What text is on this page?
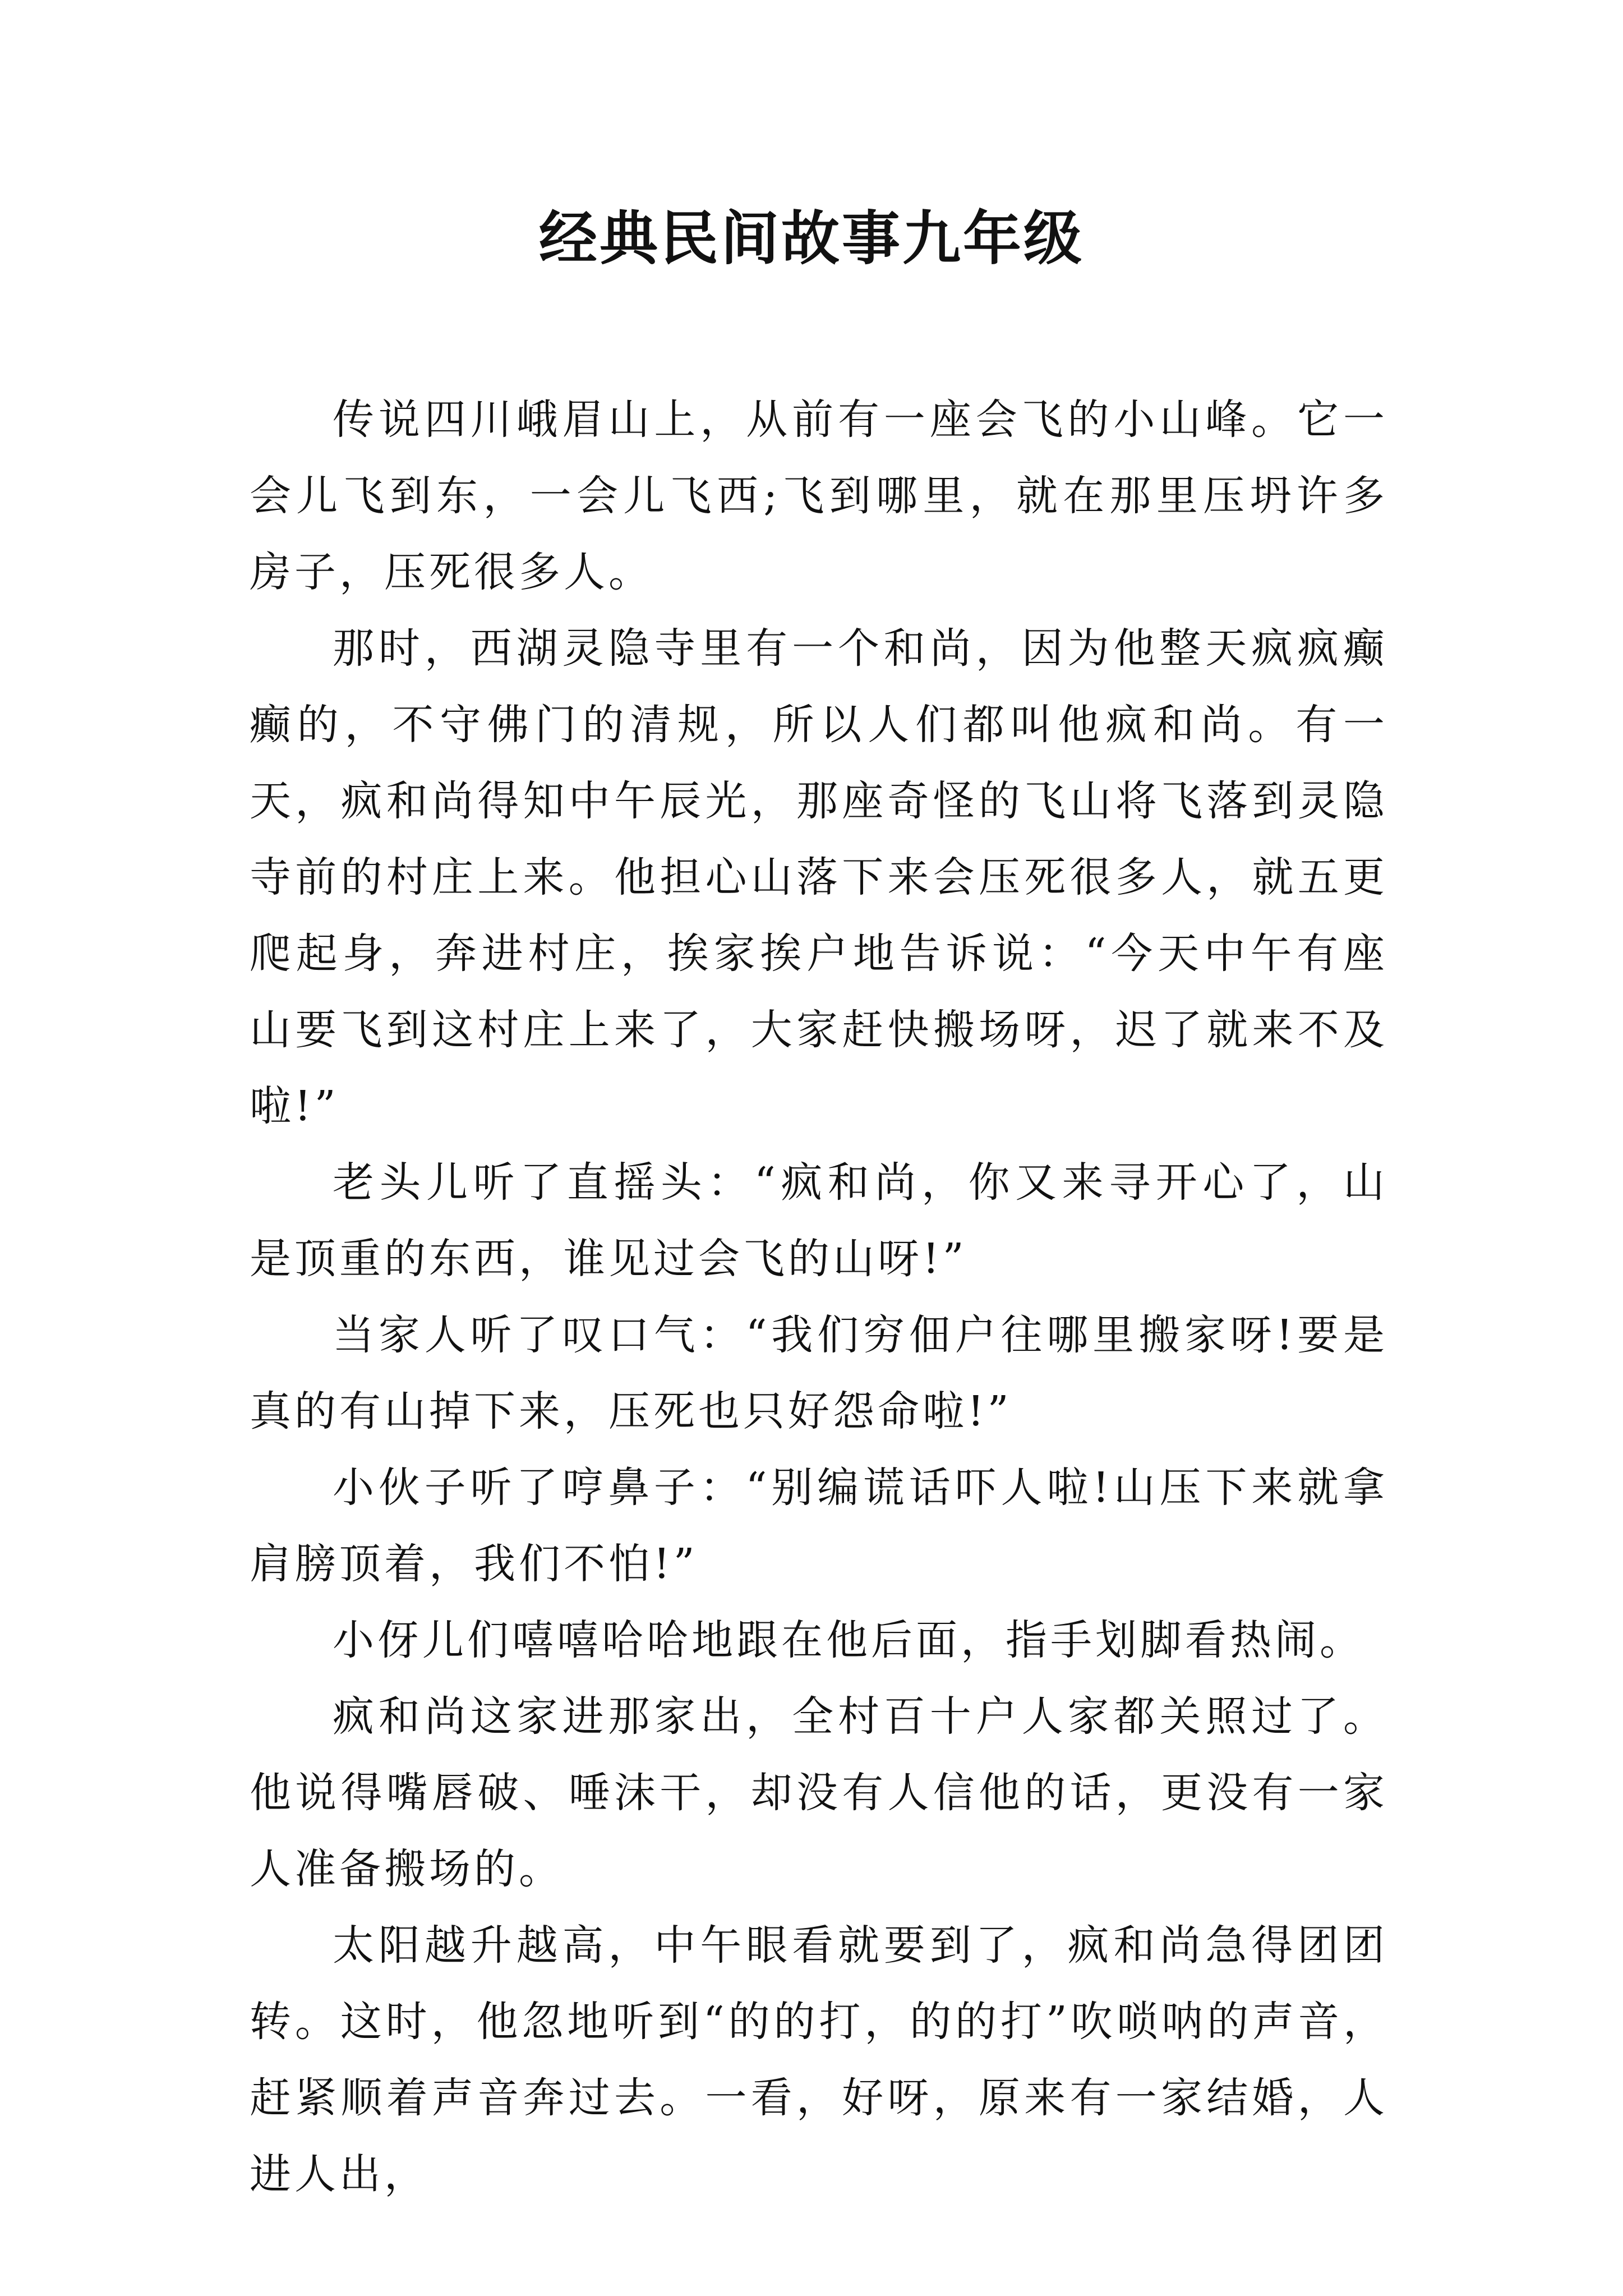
经典民间故事九年级

传说四川峨眉山上，从前有一座会飞的小山峰。它一会儿飞到东，一会儿飞西;飞到哪里，就在那里压坍许多房子，压死很多人。

那时，西湖灵隐寺里有一个和尚，因为他整天疯疯癫癫的，不守佛门的清规，所以人们都叫他疯和尚。有一天，疯和尚得知中午辰光，那座奇怪的飞山将飞落到灵隐寺前的村庄上来。他担心山落下来会压死很多人，就五更爬起身，奔进村庄，挨家挨户地告诉说：“今天中午有座山要飞到这村庄上来了，大家赶快搬场呀，迟了就来不及啦!”

老头儿听了直摇头：“疯和尚，你又来寻开心了，山是顶重的东西，谁见过会飞的山呀!”

当家人听了叹口气：“我们穷佃户往哪里搬家呀!要是真的有山掉下来，压死也只好怨命啦!”

小伙子听了哼鼻子：“别编谎话吓人啦!山压下来就拿肩膀顶着，我们不怕!”

小伢儿们嘻嘻哈哈地跟在他后面，指手划脚看热闹。

疯和尚这家进那家出，全村百十户人家都关照过了。他说得嘴唇破、唾沫干，却没有人信他的话，更没有一家人准备搬场的。

太阳越升越高，中午眼看就要到了，疯和尚急得团团转。这时，他忽地听到“的的打，的的打”吹唢呐的声音，赶紧顺着声音奔过去。一看，好呀，原来有一家结婚，人进人出，
